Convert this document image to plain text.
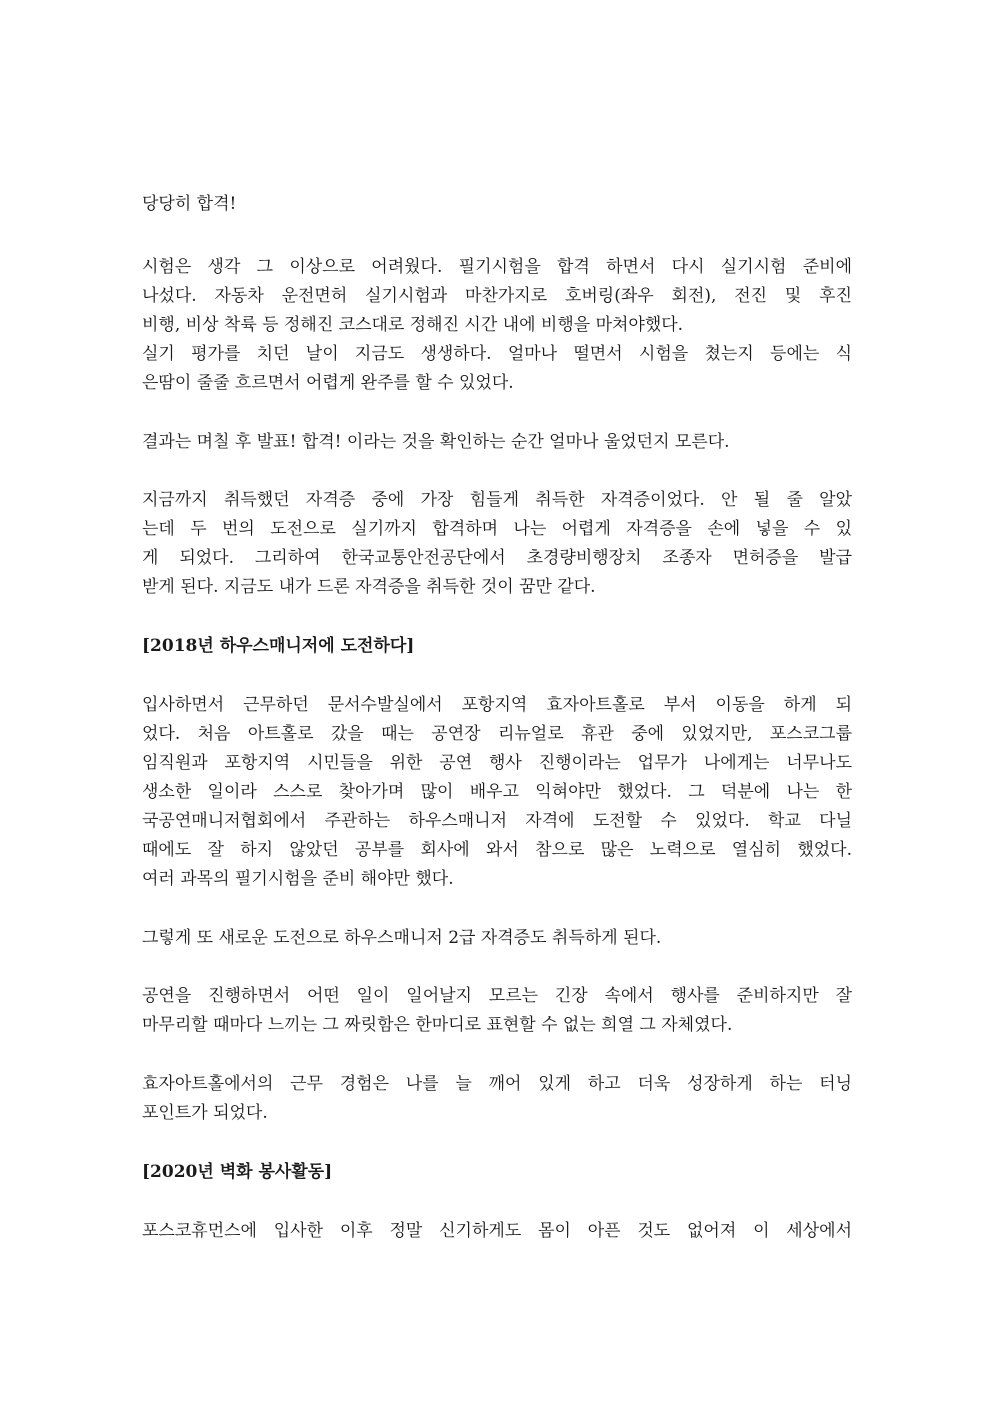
당당히 합격!
시험은 생각 그 이상으로 어려웠다. 필기시험을 합격 하면서 다시 실기시험 준비에
나섰다. 자동차 운전면허 실기시험과 마찬가지로 호버링(좌우 회전), 전진 및 후진
비행, 비상 착륙 등 정해진 코스대로 정해진 시간 내에 비행을 마쳐야했다.
실기 평가를 치던 날이 지금도 생생하다. 얼마나 떨면서 시험을 쳤는지 등에는 식
은땀이 줄줄 흐르면서 어렵게 완주를 할 수 있었다.
결과는 며칠 후 발표! 합격! 이라는 것을 확인하는 순간 얼마나 울었던지 모른다.
지금까지 취득했던 자격증 중에 가장 힘들게 취득한 자격증이었다. 안 될 줄 알았
는데 두 번의 도전으로 실기까지 합격하며 나는 어렵게 자격증을 손에 넣을 수 있
게 되었다. 그리하여 한국교통안전공단에서 초경량비행장치 조종자 면허증을 발급
받게 된다. 지금도 내가 드론 자격증을 취득한 것이 꿈만 같다.
[2018년 하우스매니저에 도전하다]
입사하면서 근무하던 문서수발실에서 포항지역 효자아트홀로 부서 이동을 하게 되
었다. 처음 아트홀로 갔을 때는 공연장 리뉴얼로 휴관 중에 있었지만, 포스코그룹
임직원과 포항지역 시민들을 위한 공연 행사 진행이라는 업무가 나에게는 너무나도
생소한 일이라 스스로 찾아가며 많이 배우고 익혀야만 했었다. 그 덕분에 나는 한
국공연매니저협회에서 주관하는 하우스매니저 자격에 도전할 수 있었다. 학교 다닐
때에도 잘 하지 않았던 공부를 회사에 와서 참으로 많은 노력으로 열심히 했었다.
여러 과목의 필기시험을 준비 해야만 했다.
그렇게 또 새로운 도전으로 하우스매니저 2급 자격증도 취득하게 된다.
공연을 진행하면서 어떤 일이 일어날지 모르는 긴장 속에서 행사를 준비하지만 잘
마무리할 때마다 느끼는 그 짜릿함은 한마디로 표현할 수 없는 희열 그 자체였다.
효자아트홀에서의 근무 경험은 나를 늘 깨어 있게 하고 더욱 성장하게 하는 터닝
포인트가 되었다.
[2020년 벽화 봉사활동]
포스코휴먼스에 입사한 이후 정말 신기하게도 몸이 아픈 것도 없어져 이 세상에서
